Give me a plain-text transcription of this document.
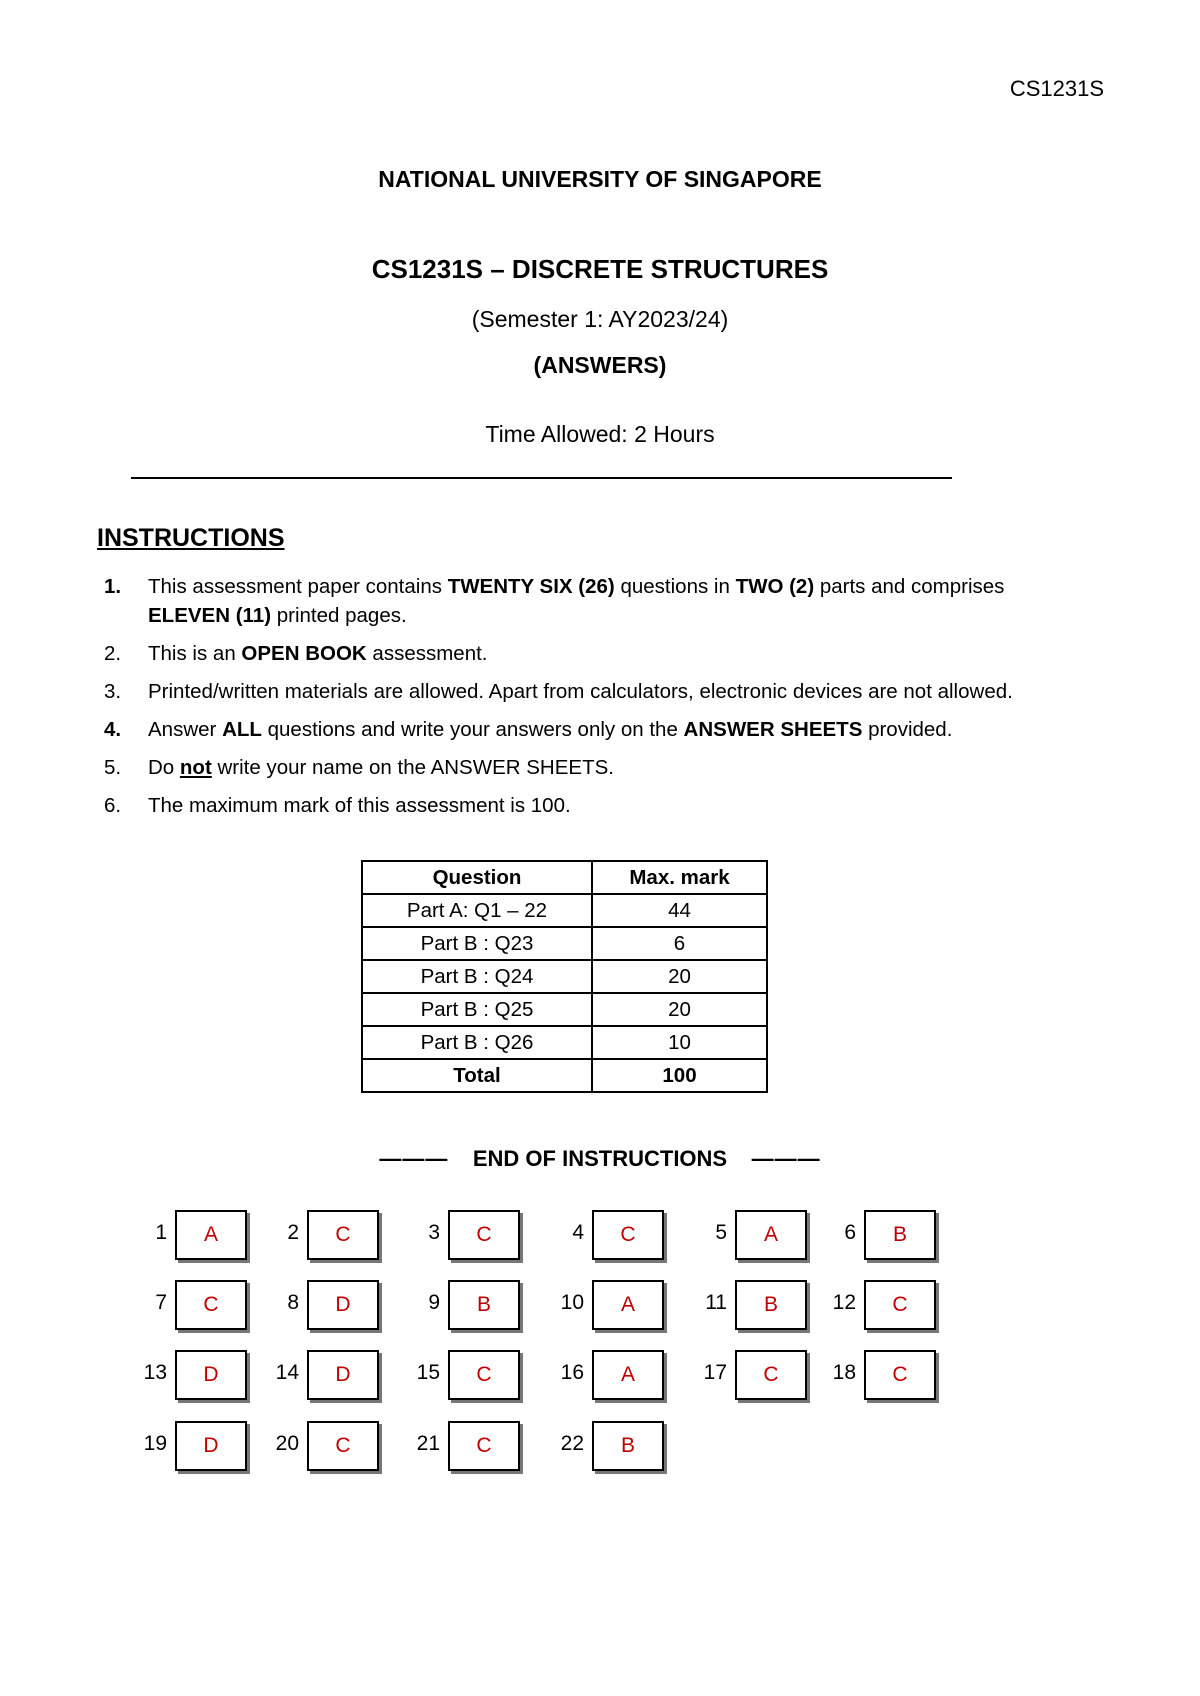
CS1231S
NATIONAL UNIVERSITY OF SINGAPORE
CS1231S – DISCRETE STRUCTURES
(Semester 1: AY2023/24)
(ANSWERS)
Time Allowed: 2 Hours
INSTRUCTIONS
1. This assessment paper contains TWENTY SIX (26) questions in TWO (2) parts and comprises ELEVEN (11) printed pages.
2. This is an OPEN BOOK assessment.
3. Printed/written materials are allowed. Apart from calculators, electronic devices are not allowed.
4. Answer ALL questions and write your answers only on the ANSWER SHEETS provided.
5. Do not write your name on the ANSWER SHEETS.
6. The maximum mark of this assessment is 100.
Question	Max. mark
Part A: Q1 – 22	44
Part B : Q23	6
Part B : Q24	20
Part B : Q25	20
Part B : Q26	10
Total	100
——— END OF INSTRUCTIONS ———
1	A	2	C	3	C	4	C	5	A	6	B
7	C	8	D	9	B	10	A	11	B	12	C
13	D	14	D	15	C	16	A	17	C	18	C
19	D	20	C	21	C	22	B
